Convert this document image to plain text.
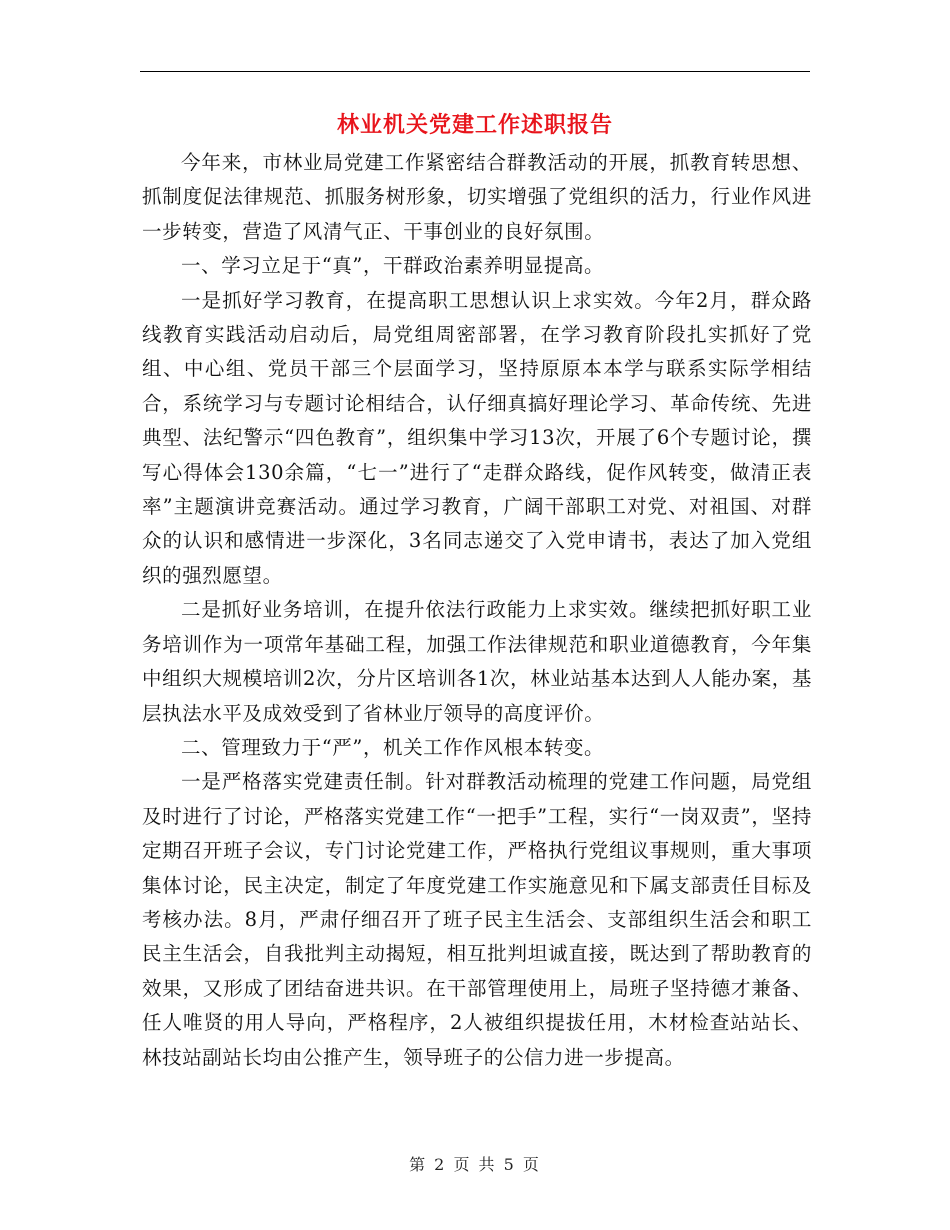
林业机关党建工作述职报告

今年来，市林业局党建工作紧密结合群教活动的开展，抓教育转思想、抓制度促法律规范、抓服务树形象，切实增强了党组织的活力，行业作风进一步转变，营造了风清气正、干事创业的良好氛围。

一、学习立足于“真”，干群政治素养明显提高。

一是抓好学习教育，在提高职工思想认识上求实效。今年2月，群众路线教育实践活动启动后，局党组周密部署，在学习教育阶段扎实抓好了党组、中心组、党员干部三个层面学习，坚持原原本本学与联系实际学相结合，系统学习与专题讨论相结合，认仔细真搞好理论学习、革命传统、先进典型、法纪警示“四色教育”，组织集中学习13次，开展了6个专题讨论，撰写心得体会130余篇，“七一”进行了“走群众路线，促作风转变，做清正表率”主题演讲竞赛活动。通过学习教育，广阔干部职工对党、对祖国、对群众的认识和感情进一步深化，3名同志递交了入党申请书，表达了加入党组织的强烈愿望。

二是抓好业务培训，在提升依法行政能力上求实效。继续把抓好职工业务培训作为一项常年基础工程，加强工作法律规范和职业道德教育，今年集中组织大规模培训2次，分片区培训各1次，林业站基本达到人人能办案，基层执法水平及成效受到了省林业厅领导的高度评价。

二、管理致力于“严”，机关工作作风根本转变。

一是严格落实党建责任制。针对群教活动梳理的党建工作问题，局党组及时进行了讨论，严格落实党建工作“一把手”工程，实行“一岗双责”，坚持定期召开班子会议，专门讨论党建工作，严格执行党组议事规则，重大事项集体讨论，民主决定，制定了年度党建工作实施意见和下属支部责任目标及考核办法。8月，严肃仔细召开了班子民主生活会、支部组织生活会和职工民主生活会，自我批判主动揭短，相互批判坦诚直接，既达到了帮助教育的效果，又形成了团结奋进共识。在干部管理使用上，局班子坚持德才兼备、任人唯贤的用人导向，严格程序，2人被组织提拔任用，木材检查站站长、林技站副站长均由公推产生，领导班子的公信力进一步提高。

第 2 页 共 5 页
